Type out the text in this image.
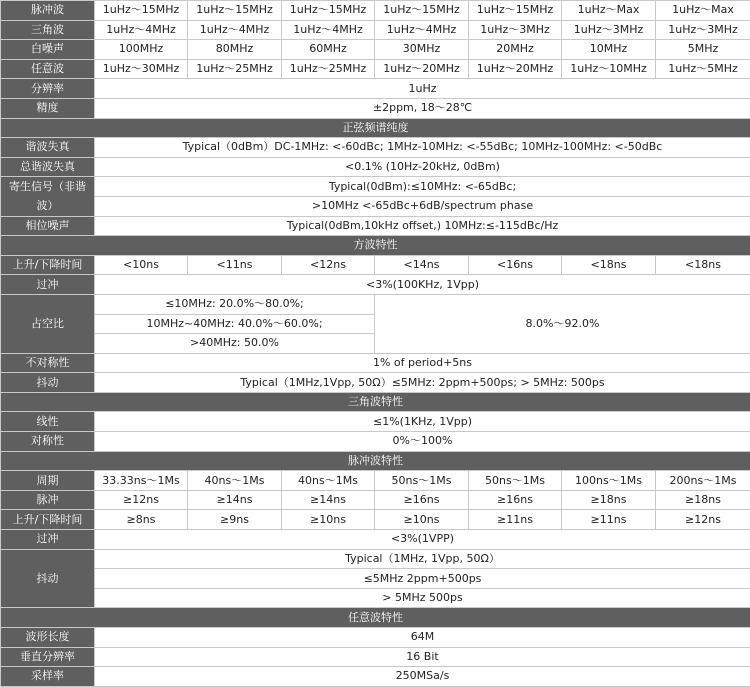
脉冲波	1uHz～15MHz	1uHz～15MHz	1uHz～15MHz	1uHz～15MHz	1uHz～15MHz	1uHz～Max	1uHz～Max
三角波	1uHz～4MHz	1uHz～4MHz	1uHz～4MHz	1uHz～4MHz	1uHz～3MHz	1uHz～3MHz	1uHz～3MHz
白噪声	100MHz	80MHz	60MHz	30MHz	20MHz	10MHz	5MHz
任意波	1uHz～30MHz	1uHz～25MHz	1uHz～25MHz	1uHz～20MHz	1uHz～20MHz	1uHz～10MHz	1uHz～5MHz
分辨率	1uHz						
精度	±2ppm, 18～28℃						
正弦频谱纯度							
谐波失真	Typical（0dBm）DC-1MHz: <-60dBc; 1MHz-10MHz: <-55dBc; 10MHz-100MHz: <-50dBc						
总谐波失真	<0.1% (10Hz-20kHz, 0dBm)						
寄生信号（非谐波）	Typical(0dBm):≤10MHz: <-65dBc;						
	>10MHz <-65dBc+6dB/spectrum phase						
相位噪声	Typical(0dBm,10kHz offset,) 10MHz:≤-115dBc/Hz						
方波特性							
上升/下降时间	<10ns	<11ns	<12ns	<14ns	<16ns	<18ns	<18ns
过冲	<3%(100KHz, 1Vpp)						
占空比	≤10MHz: 20.0%～80.0%;			8.0%～92.0%			
	10MHz~40MHz: 40.0%～60.0%;						
	>40MHz: 50.0%						
不对称性	1% of period+5ns						
抖动	Typical（1MHz,1Vpp, 50Ω）≤5MHz: 2ppm+500ps; > 5MHz: 500ps						
三角波特性							
线性	≤1%(1KHz, 1Vpp)						
对称性	0%～100%						
脉冲波特性							
周期	33.33ns～1Ms	40ns～1Ms	40ns～1Ms	50ns～1Ms	50ns～1Ms	100ns～1Ms	200ns～1Ms
脉冲	≥12ns	≥14ns	≥14ns	≥16ns	≥16ns	≥18ns	≥18ns
上升/下降时间	≥8ns	≥9ns	≥10ns	≥10ns	≥11ns	≥11ns	≥12ns
过冲	<3%(1VPP)						
抖动	Typical（1MHz, 1Vpp, 50Ω）						
	≤5MHz 2ppm+500ps						
	> 5MHz 500ps						
任意波特性							
波形长度	64M						
垂直分辨率	16 Bit						
采样率	250MSa/s						
